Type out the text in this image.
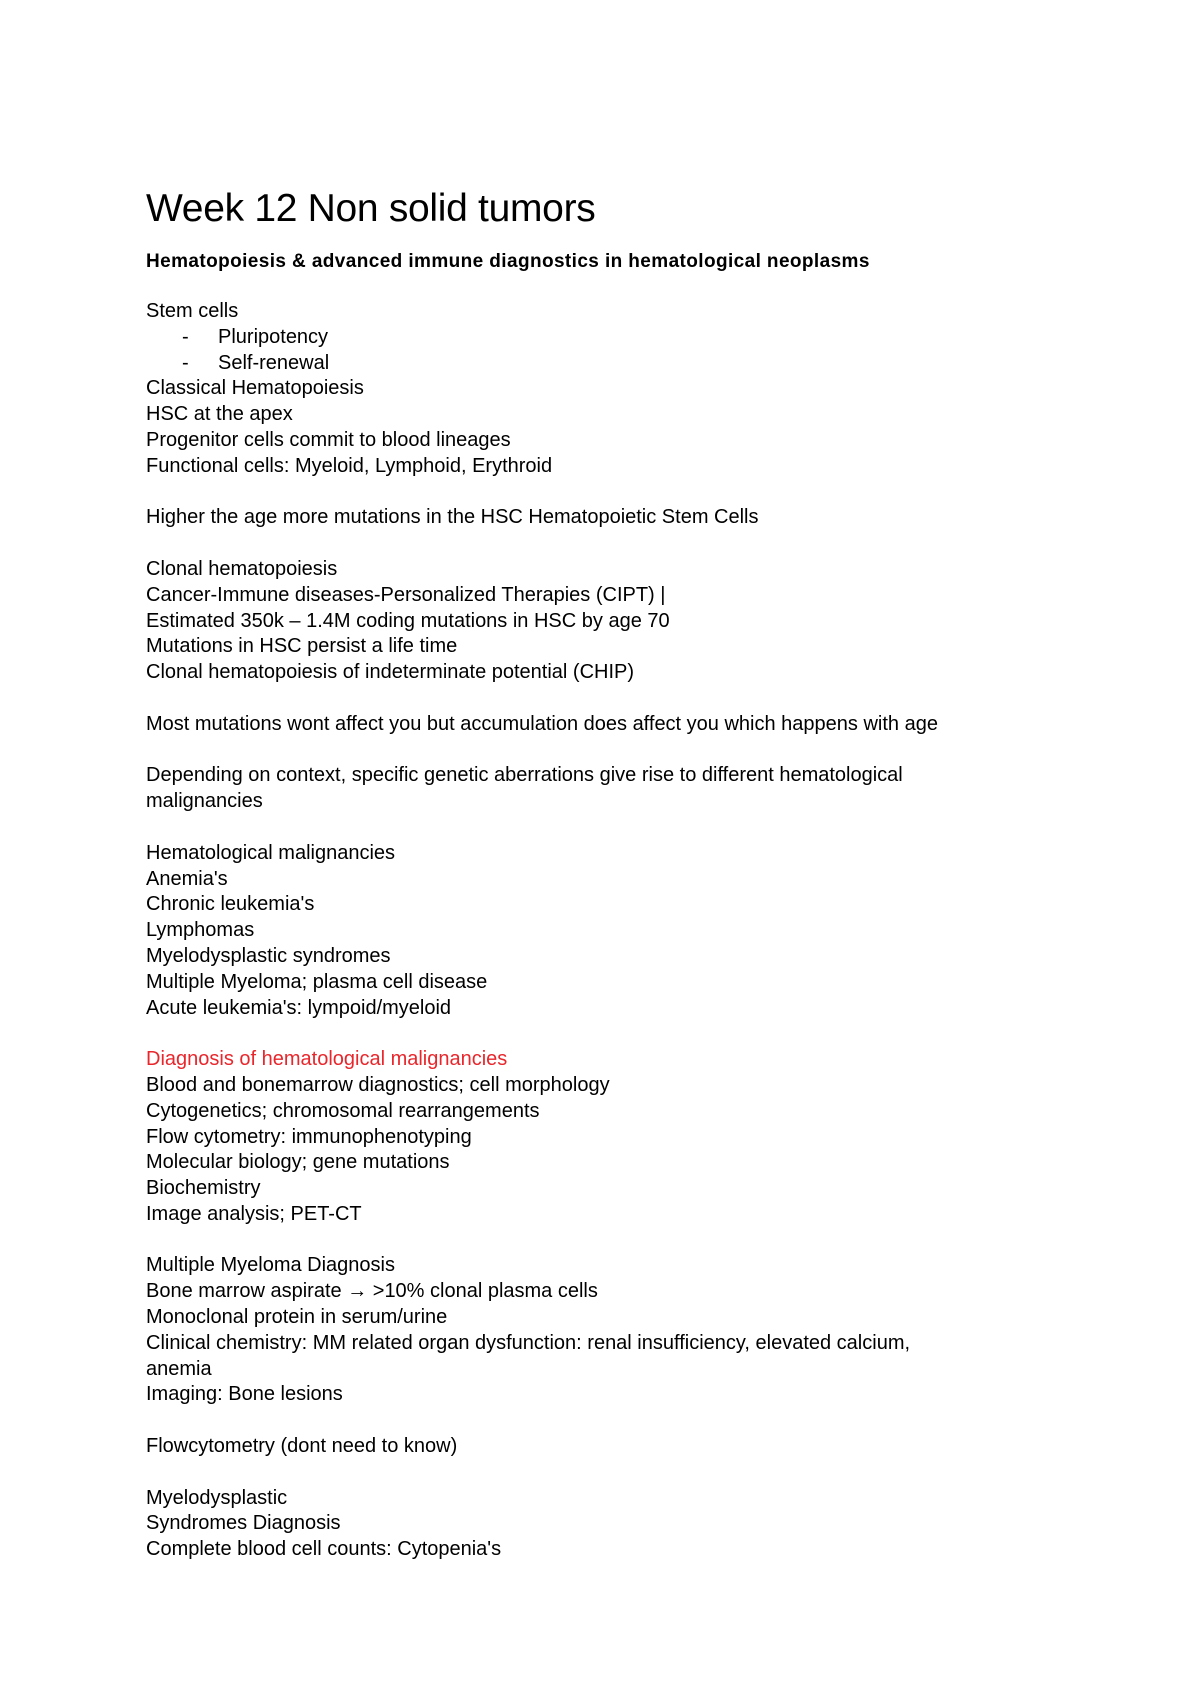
Week 12 Non solid tumors

Hematopoiesis & advanced immune diagnostics in hematological neoplasms

Stem cells

- Pluripotency
- Self-renewal

Classical Hematopoiesis

HSC at the apex

Progenitor cells commit to blood lineages

Functional cells: Myeloid, Lymphoid, Erythroid

Higher the age more mutations in the HSC Hematopoietic Stem Cells

Clonal hematopoiesis

Cancer-Immune diseases-Personalized Therapies (CIPT) |

Estimated 350k – 1.4M coding mutations in HSC by age 70

Mutations in HSC persist a life time

Clonal hematopoiesis of indeterminate potential (CHIP)

Most mutations wont affect you but accumulation does affect you which happens with age

Depending on context, specific genetic aberrations give rise to different hematological

malignancies

Hematological malignancies

Anemia's

Chronic leukemia's

Lymphomas

Myelodysplastic syndromes

Multiple Myeloma; plasma cell disease

Acute leukemia's: lympoid/myeloid

Diagnosis of hematological malignancies

Blood and bonemarrow diagnostics; cell morphology

Cytogenetics; chromosomal rearrangements

Flow cytometry: immunophenotyping

Molecular biology; gene mutations

Biochemistry

Image analysis; PET-CT

Multiple Myeloma Diagnosis

Bone marrow aspirate → >10% clonal plasma cells

Monoclonal protein in serum/urine

Clinical chemistry: MM related organ dysfunction: renal insufficiency, elevated calcium,

anemia

Imaging: Bone lesions

Flowcytometry (dont need to know)

Myelodysplastic

Syndromes Diagnosis

Complete blood cell counts: Cytopenia's
